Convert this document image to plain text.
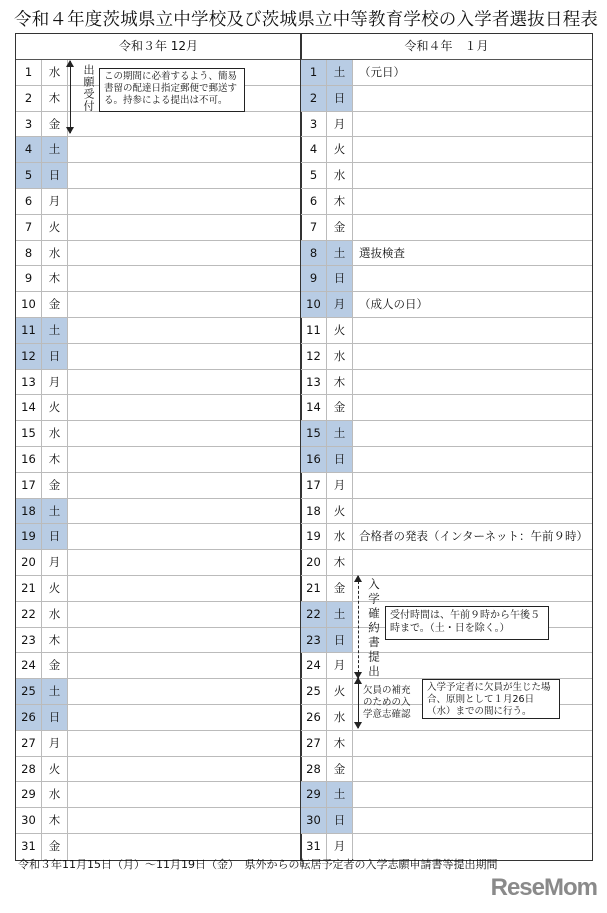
令和４年度茨城県立中学校及び茨城県立中等教育学校の入学者選抜日程表
令和３年 12月
1	水
2	木
3	金
4	土
5	日
6	月
7	火
8	水
9	木
10	金
11	土
12	日
13	月
14	火
15	水
16	木
17	金
18	土
19	日
20	月
21	火
22	水
23	木
24	金
25	土
26	日
27	月
28	火
29	水
30	木
31	金
令和４年　１月
1	土	（元日）
2	日
3	月
4	火
5	水
6	木
7	金
8	土	選抜検査
9	日
10	月	（成人の日）
11	火
12	水
13	木
14	金
15	土
16	日
17	月
18	火
19	水	合格者の発表（インターネット：午前９時）
20	木
21	金
22	土
23	日
24	月
25	火
26	水
27	木
28	金
29	土
30	日
31	月
出願受付 この期間に必着するよう、簡易書留の配達日指定郵便で郵送する。持参による提出は不可。
入学確約書提出 受付時間は、午前９時から午後５時まで。（土・日を除く。）
欠員の補充のための入学意志確認
入学予定者に欠員が生じた場合、原則として１月26日（水）までの間に行う。
令和３年11月15日（月）～11月19日（金）　県外からの転居予定者の入学志願申請書等提出期間
ReseMom
